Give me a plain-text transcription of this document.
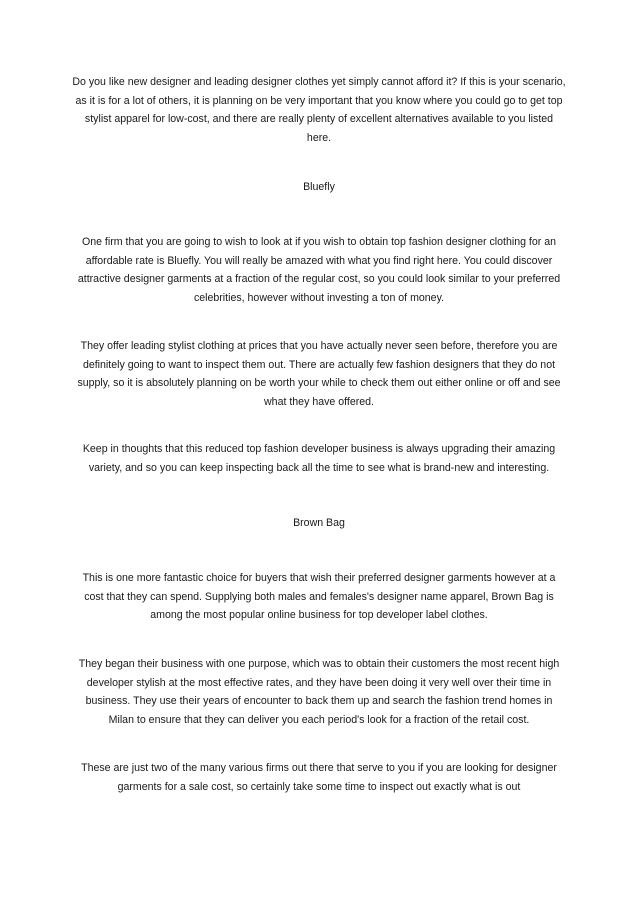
Do you like new designer and leading designer clothes yet simply cannot afford it? If this is your scenario, as it is for a lot of others, it is planning on be very important that you know where you could go to get top stylist apparel for low-cost, and there are really plenty of excellent alternatives available to you listed here.

Bluefly

One firm that you are going to wish to look at if you wish to obtain top fashion designer clothing for an affordable rate is Bluefly. You will really be amazed with what you find right here. You could discover attractive designer garments at a fraction of the regular cost, so you could look similar to your preferred celebrities, however without investing a ton of money.

They offer leading stylist clothing at prices that you have actually never seen before, therefore you are definitely going to want to inspect them out. There are actually few fashion designers that they do not supply, so it is absolutely planning on be worth your while to check them out either online or off and see what they have offered.

Keep in thoughts that this reduced top fashion developer business is always upgrading their amazing variety, and so you can keep inspecting back all the time to see what is brand-new and interesting.

Brown Bag

This is one more fantastic choice for buyers that wish their preferred designer garments however at a cost that they can spend. Supplying both males and females's designer name apparel, Brown Bag is among the most popular online business for top developer label clothes.

They began their business with one purpose, which was to obtain their customers the most recent high developer stylish at the most effective rates, and they have been doing it very well over their time in business. They use their years of encounter to back them up and search the fashion trend homes in Milan to ensure that they can deliver you each period's look for a fraction of the retail cost.

These are just two of the many various firms out there that serve to you if you are looking for designer garments for a sale cost, so certainly take some time to inspect out exactly what is out
